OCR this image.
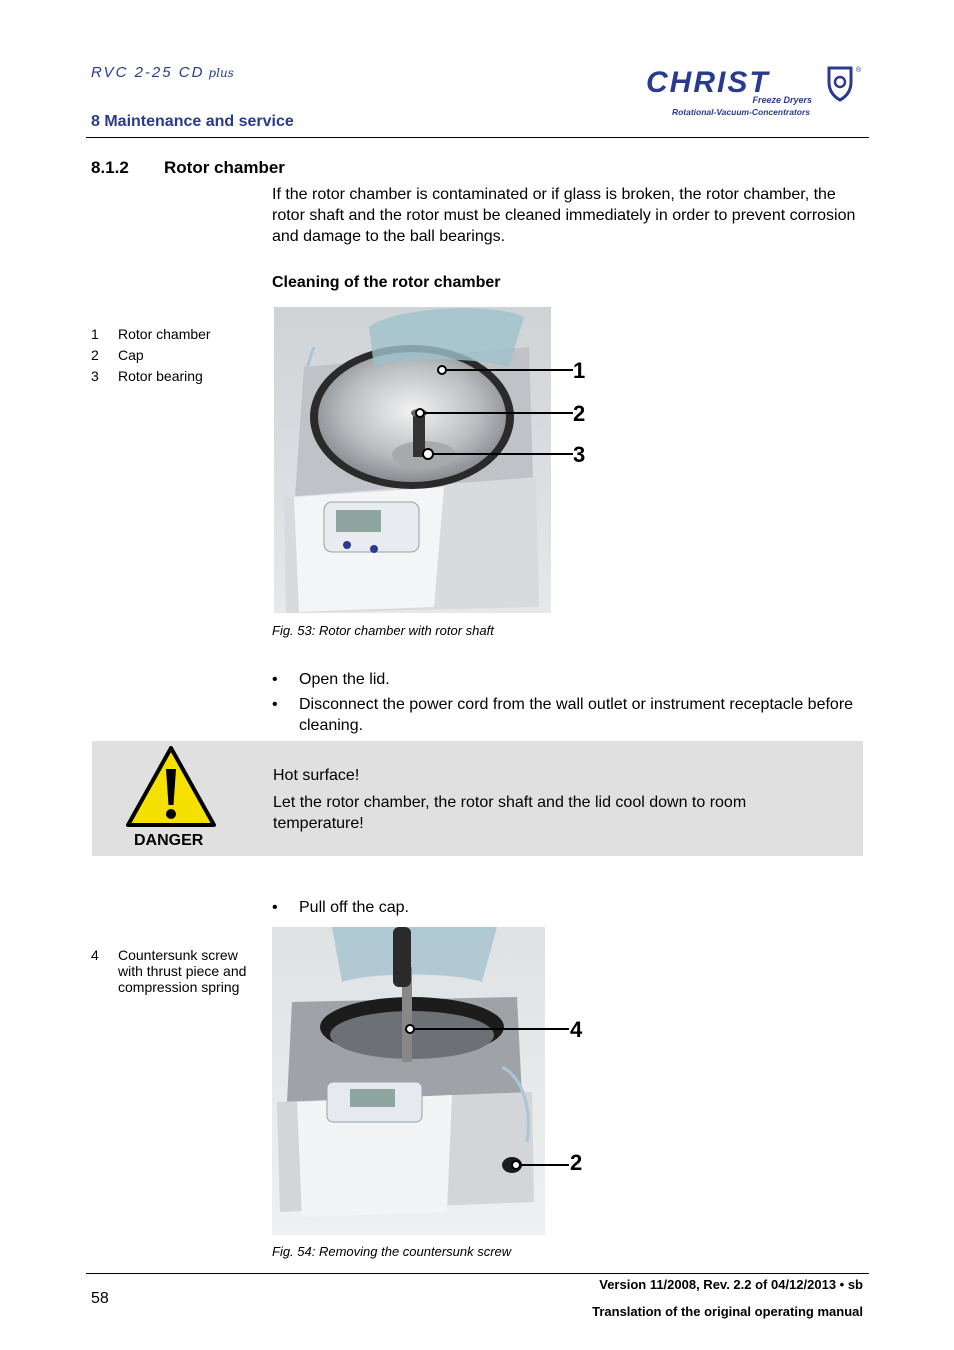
RVC 2-25 CD plus
8 Maintenance and service
CHRIST	®
Freeze Dryers
Rotational-Vacuum-Concentrators
8.1.2 Rotor chamber
If the rotor chamber is contaminated or if glass is broken, the rotor chamber, the rotor shaft and the rotor must be cleaned immediately in order to prevent corrosion and damage to the ball bearings.
Cleaning of the rotor chamber
1 Rotor chamber
2 Cap
3 Rotor bearing	1
2
3
Fig. 53: Rotor chamber with rotor shaft
• Open the lid.
• Disconnect the power cord from the wall outlet or instrument receptacle before cleaning.
DANGER
Hot surface!
Let the rotor chamber, the rotor shaft and the lid cool down to room temperature!
• Pull off the cap.
4	Countersunk screw with thrust piece and compression spring
4
2
Fig. 54: Removing the countersunk screw
58
Version 11/2008, Rev. 2.2 of 04/12/2013 • sb
Translation of the original operating manual
